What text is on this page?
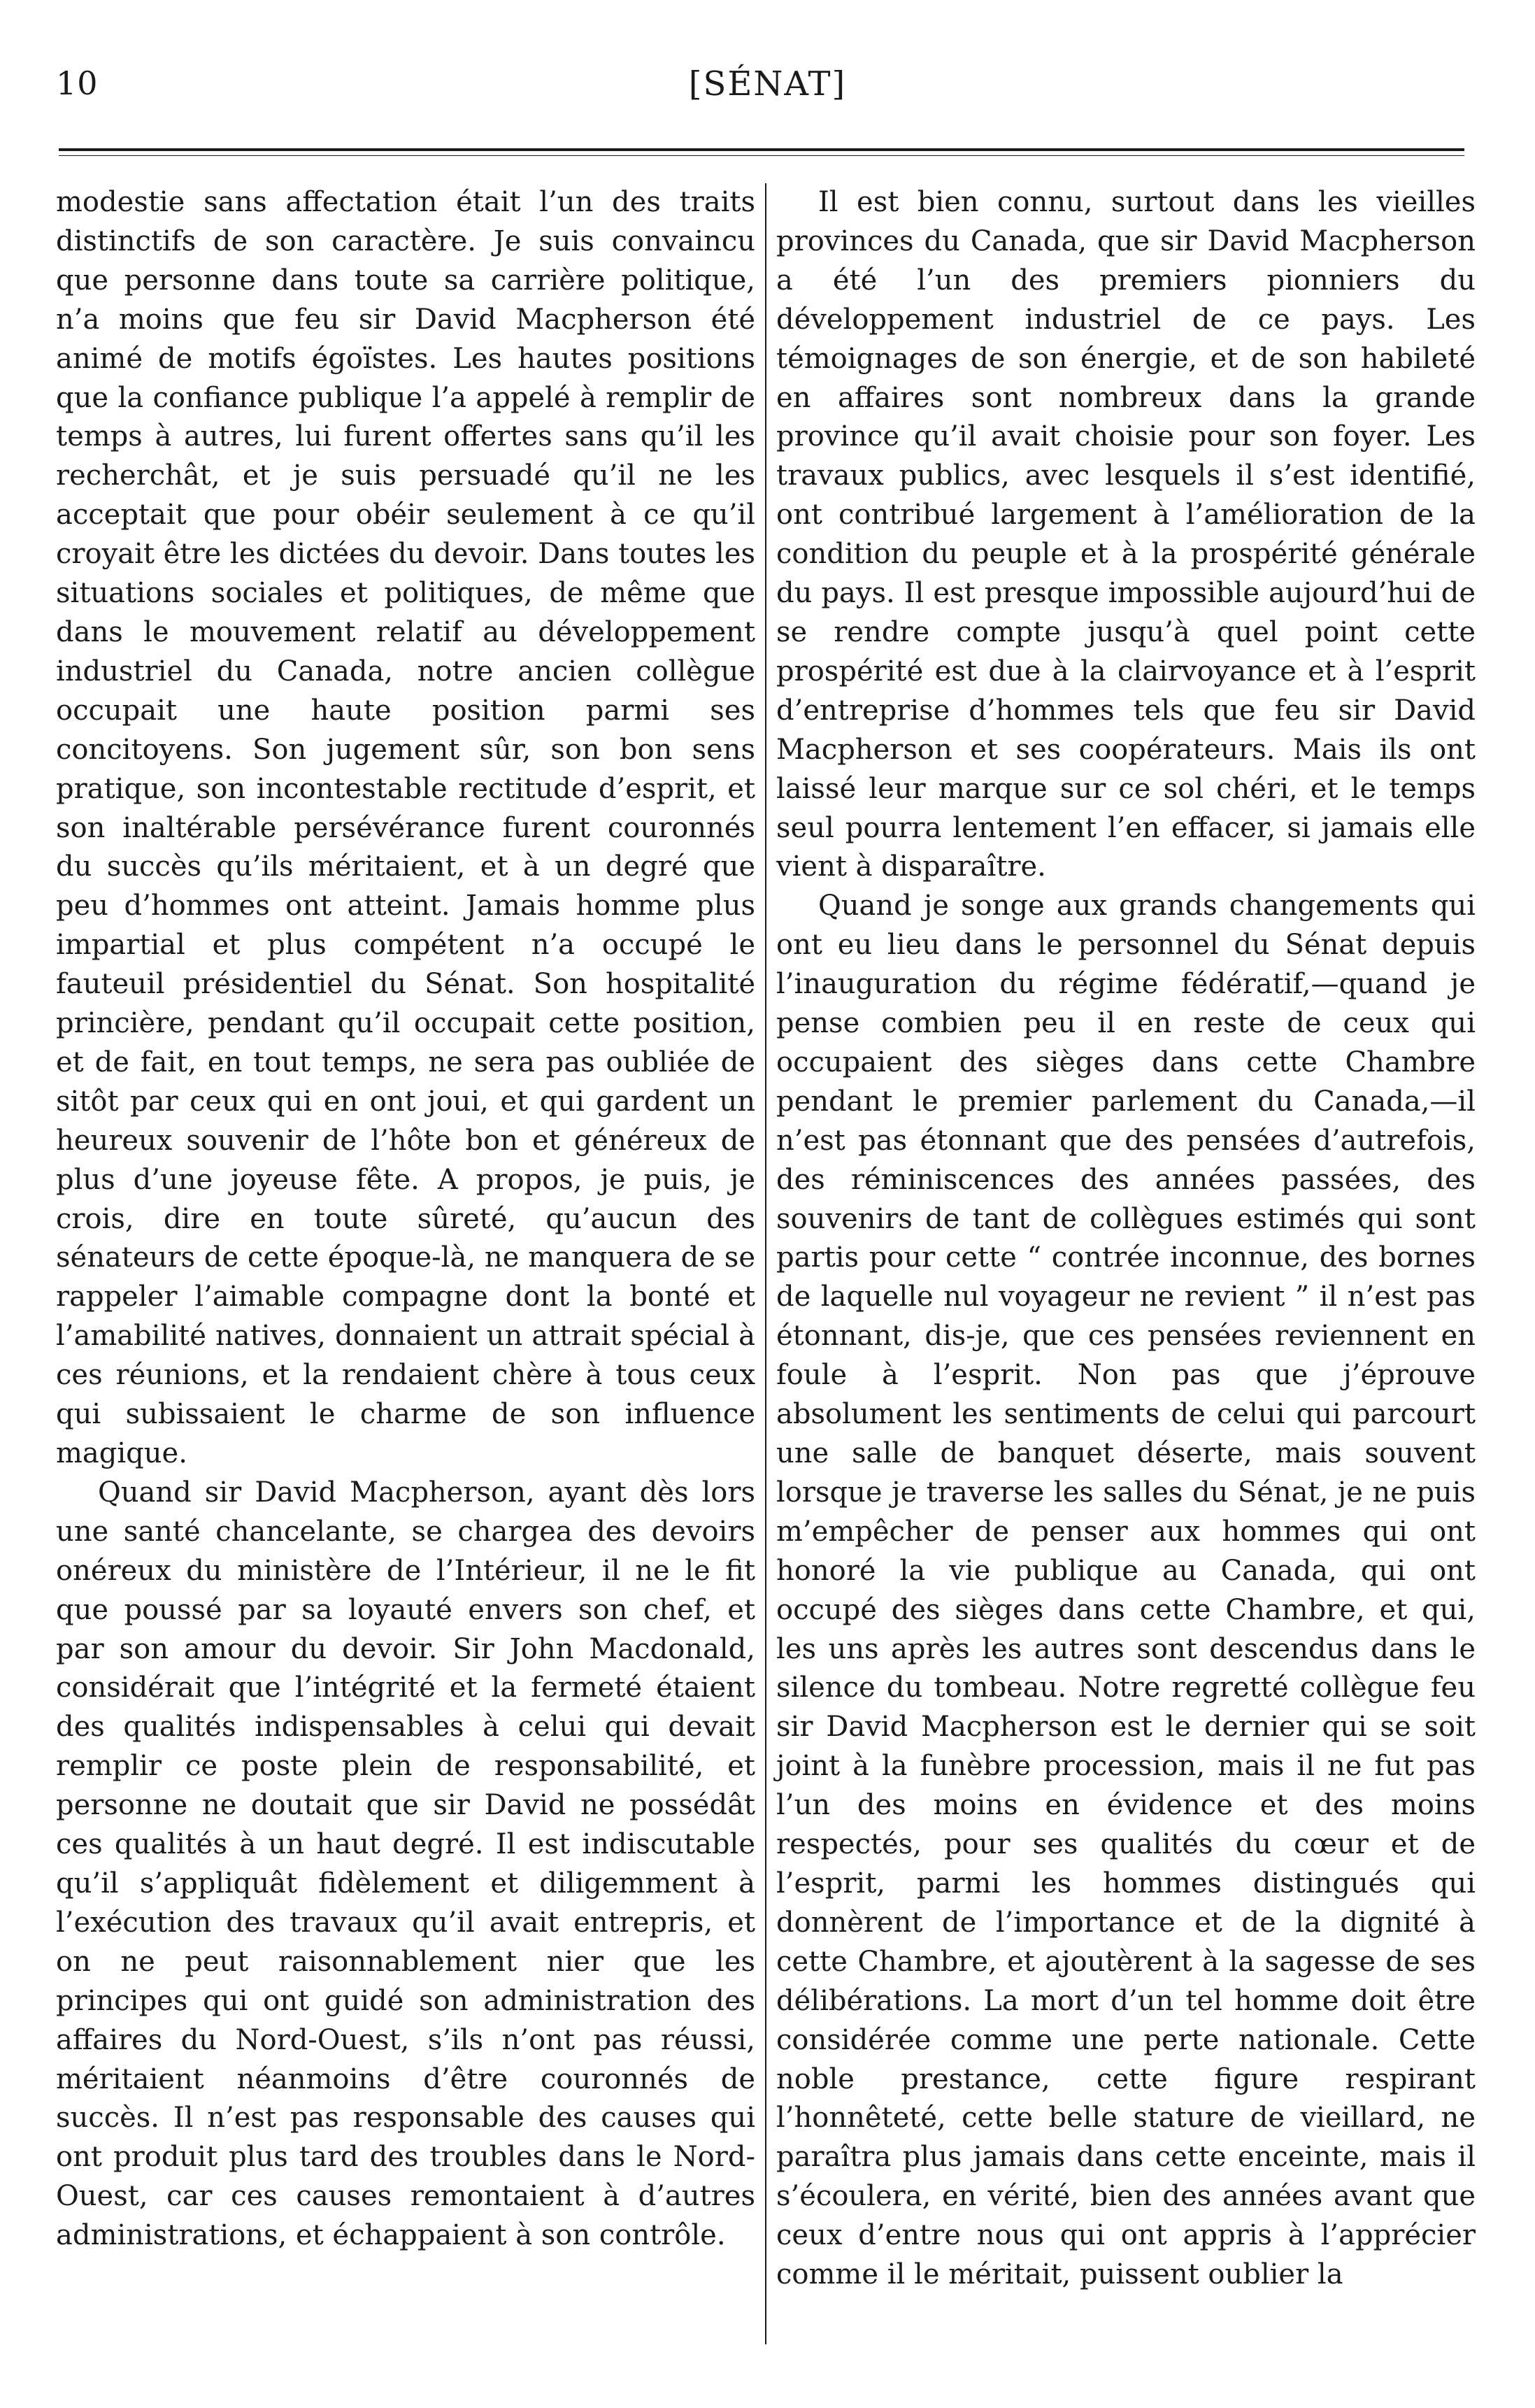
10	[SÉNAT]

modestie sans affectation était l’un des traits distinctifs de son caractère. Je suis convaincu que personne dans toute sa carrière politique, n’a moins que feu sir David Macpherson été animé de motifs égoïstes. Les hautes positions que la confiance publique l’a appelé à remplir de temps à autres, lui furent offertes sans qu’il les recherchât, et je suis persuadé qu’il ne les acceptait que pour obéir seulement à ce qu’il croyait être les dictées du devoir. Dans toutes les situations sociales et politiques, de même que dans le mouvement relatif au développement industriel du Canada, notre ancien collègue occupait une haute position parmi ses concitoyens. Son jugement sûr, son bon sens pratique, son incontestable rectitude d’esprit, et son inaltérable persévérance furent couronnés du succès qu’ils méritaient, et à un degré que peu d’hommes ont atteint. Jamais homme plus impartial et plus compétent n’a occupé le fauteuil présidentiel du Sénat. Son hospitalité princière, pendant qu’il occupait cette position, et de fait, en tout temps, ne sera pas oubliée de sitôt par ceux qui en ont joui, et qui gardent un heureux souvenir de l’hôte bon et généreux de plus d’une joyeuse fête. A propos, je puis, je crois, dire en toute sûreté, qu’aucun des sénateurs de cette époque-là, ne manquera de se rappeler l’aimable compagne dont la bonté et l’amabilité natives, donnaient un attrait spécial à ces réunions, et la rendaient chère à tous ceux qui subissaient le charme de son influence magique.

Quand sir David Macpherson, ayant dès lors une santé chancelante, se chargea des devoirs onéreux du ministère de l’Intérieur, il ne le fit que poussé par sa loyauté envers son chef, et par son amour du devoir. Sir John Macdonald, considérait que l’intégrité et la fermeté étaient des qualités indispensables à celui qui devait remplir ce poste plein de responsabilité, et personne ne doutait que sir David ne possédât ces qualités à un haut degré. Il est indiscutable qu’il s’appliquât fidèlement et diligemment à l’exécution des travaux qu’il avait entrepris, et on ne peut raisonnablement nier que les principes qui ont guidé son administration des affaires du Nord-Ouest, s’ils n’ont pas réussi, méritaient néanmoins d’être couronnés de succès. Il n’est pas responsable des causes qui ont produit plus tard des troubles dans le Nord-Ouest, car ces causes remontaient à d’autres administrations, et échappaient à son contrôle.

Il est bien connu, surtout dans les vieilles provinces du Canada, que sir David Macpherson a été l’un des premiers pionniers du développement industriel de ce pays. Les témoignages de son énergie, et de son habileté en affaires sont nombreux dans la grande province qu’il avait choisie pour son foyer. Les travaux publics, avec lesquels il s’est identifié, ont contribué largement à l’amélioration de la condition du peuple et à la prospérité générale du pays. Il est presque impossible aujourd’hui de se rendre compte jusqu’à quel point cette prospérité est due à la clairvoyance et à l’esprit d’entreprise d’hommes tels que feu sir David Macpherson et ses coopérateurs. Mais ils ont laissé leur marque sur ce sol chéri, et le temps seul pourra lentement l’en effacer, si jamais elle vient à disparaître.

Quand je songe aux grands changements qui ont eu lieu dans le personnel du Sénat depuis l’inauguration du régime fédératif,—quand je pense combien peu il en reste de ceux qui occupaient des sièges dans cette Chambre pendant le premier parlement du Canada,—il n’est pas étonnant que des pensées d’autrefois, des réminiscences des années passées, des souvenirs de tant de collègues estimés qui sont partis pour cette “ contrée inconnue, des bornes de laquelle nul voyageur ne revient ” il n’est pas étonnant, dis-je, que ces pensées reviennent en foule à l’esprit. Non pas que j’éprouve absolument les sentiments de celui qui parcourt une salle de banquet déserte, mais souvent lorsque je traverse les salles du Sénat, je ne puis m’empêcher de penser aux hommes qui ont honoré la vie publique au Canada, qui ont occupé des sièges dans cette Chambre, et qui, les uns après les autres sont descendus dans le silence du tombeau. Notre regretté collègue feu sir David Macpherson est le dernier qui se soit joint à la funèbre procession, mais il ne fut pas l’un des moins en évidence et des moins respectés, pour ses qualités du cœur et de l’esprit, parmi les hommes distingués qui donnèrent de l’importance et de la dignité à cette Chambre, et ajoutèrent à la sagesse de ses délibérations. La mort d’un tel homme doit être considérée comme une perte nationale. Cette noble prestance, cette figure respirant l’honnêteté, cette belle stature de vieillard, ne paraîtra plus jamais dans cette enceinte, mais il s’écoulera, en vérité, bien des années avant que ceux d’entre nous qui ont appris à l’apprécier comme il le méritait, puissent oublier la
